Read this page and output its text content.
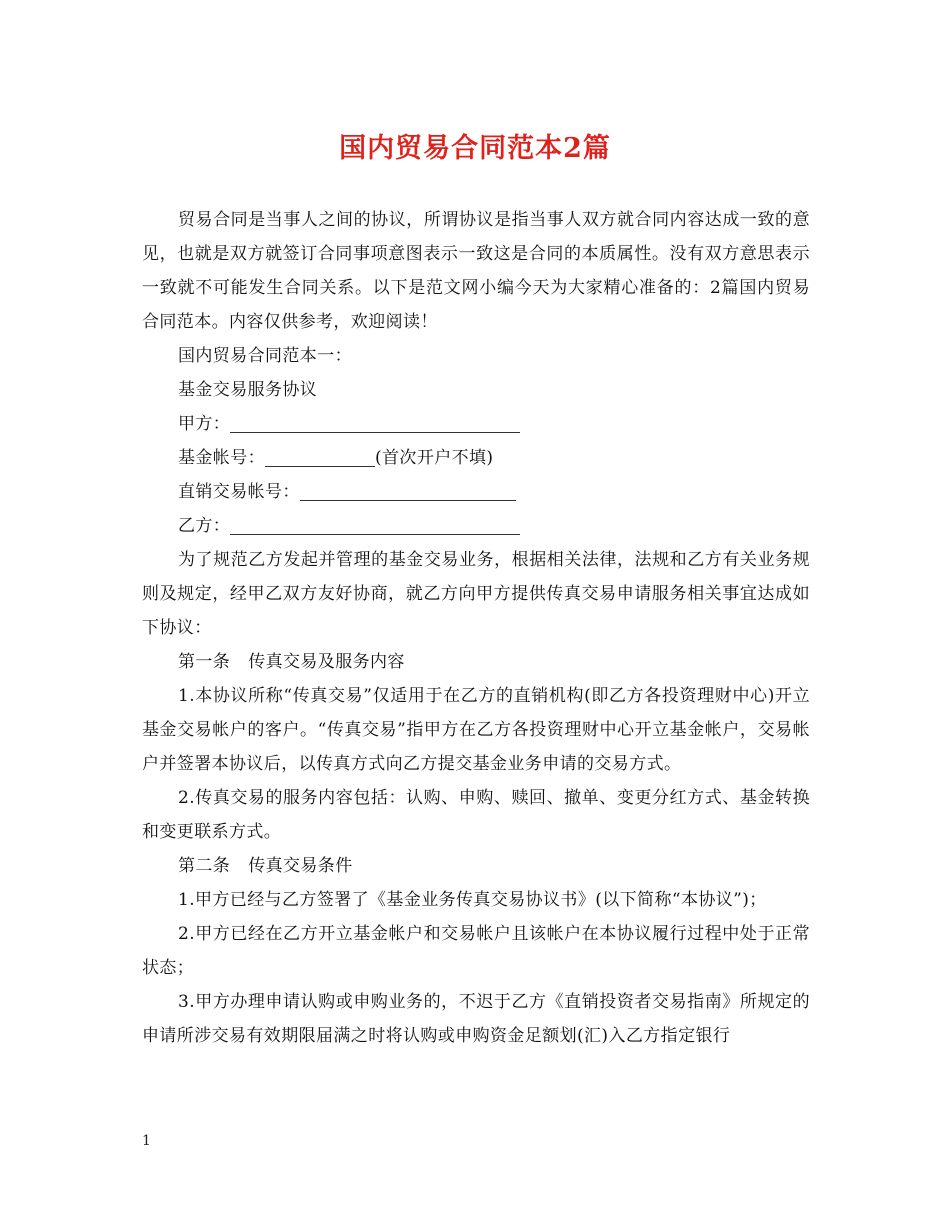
国内贸易合同范本2篇

贸易合同是当事人之间的协议，所谓协议是指当事人双方就合同内容达成一致的意见，也就是双方就签订合同事项意图表示一致这是合同的本质属性。没有双方意思表示一致就不可能发生合同关系。以下是范文网小编今天为大家精心准备的：2篇国内贸易合同范本。内容仅供参考，欢迎阅读！

国内贸易合同范本一：

基金交易服务协议

甲方：
基金帐号：	(首次开户不填)
直销交易帐号：
乙方：

为了规范乙方发起并管理的基金交易业务，根据相关法律，法规和乙方有关业务规则及规定，经甲乙双方友好协商，就乙方向甲方提供传真交易申请服务相关事宜达成如下协议：

第一条 传真交易及服务内容

1.本协议所称“传真交易”仅适用于在乙方的直销机构(即乙方各投资理财中心)开立基金交易帐户的客户。“传真交易”指甲方在乙方各投资理财中心开立基金帐户，交易帐户并签署本协议后，以传真方式向乙方提交基金业务申请的交易方式。

2.传真交易的服务内容包括：认购、申购、赎回、撤单、变更分红方式、基金转换和变更联系方式。

第二条 传真交易条件

1.甲方已经与乙方签署了《基金业务传真交易协议书》(以下简称“本协议”)；

2.甲方已经在乙方开立基金帐户和交易帐户且该帐户在本协议履行过程中处于正常状态；

3.甲方办理申请认购或申购业务的，不迟于乙方《直销投资者交易指南》所规定的申请所涉交易有效期限届满之时将认购或申购资金足额划(汇)入乙方指定银行

1
